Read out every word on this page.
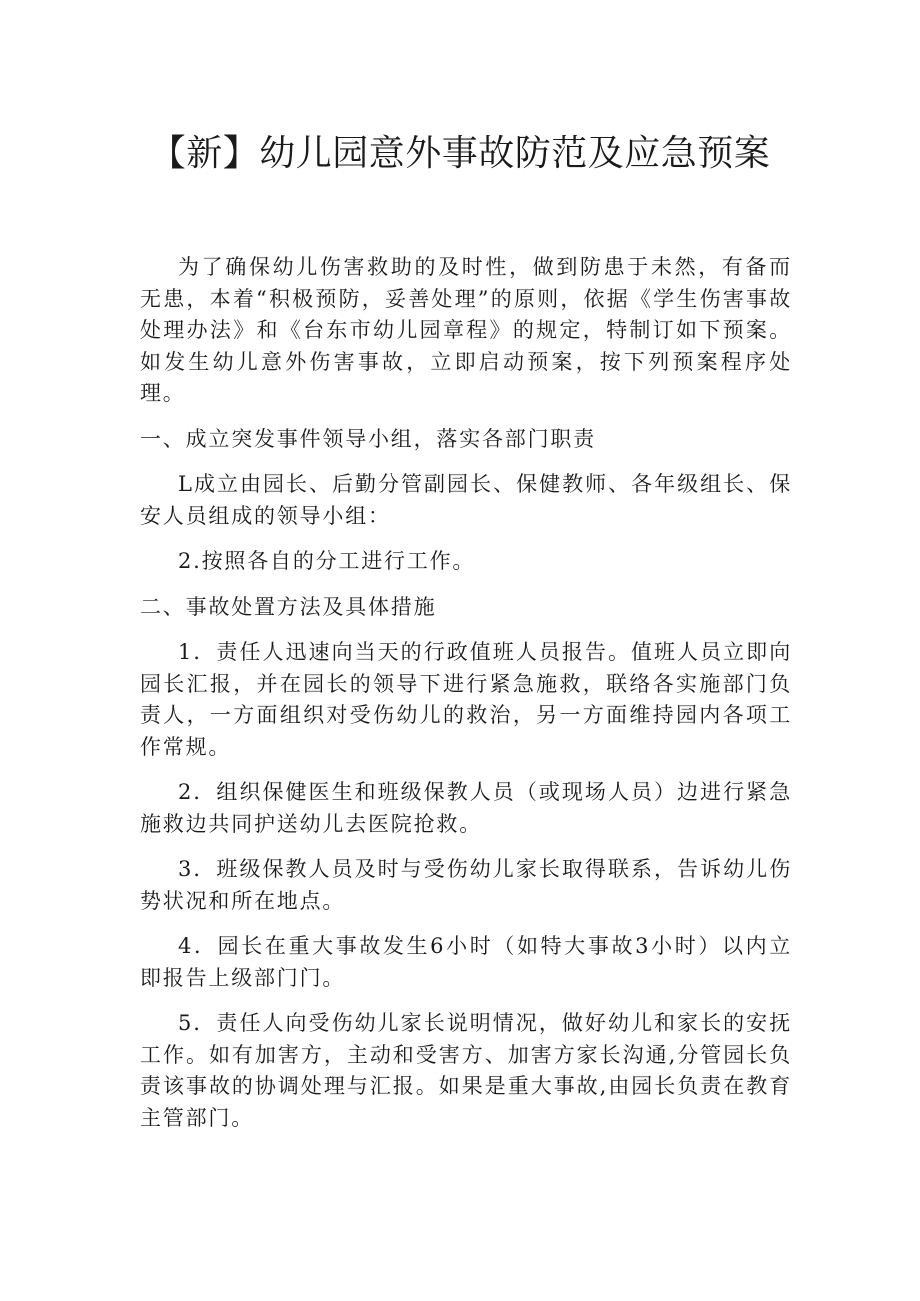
【新】幼儿园意外事故防范及应急预案

为了确保幼儿伤害救助的及时性，做到防患于未然，有备而无患，本着“积极预防，妥善处理”的原则，依据《学生伤害事故处理办法》和《台东市幼儿园章程》的规定，特制订如下预案。如发生幼儿意外伤害事故，立即启动预案，按下列预案程序处理。

一、成立突发事件领导小组，落实各部门职责

L成立由园长、后勤分管副园长、保健教师、各年级组长、保安人员组成的领导小组：

2.按照各自的分工进行工作。

二、事故处置方法及具体措施

1．责任人迅速向当天的行政值班人员报告。值班人员立即向园长汇报，并在园长的领导下进行紧急施救，联络各实施部门负责人，一方面组织对受伤幼儿的救治，另一方面维持园内各项工作常规。

2．组织保健医生和班级保教人员（或现场人员）边进行紧急施救边共同护送幼儿去医院抢救。

3．班级保教人员及时与受伤幼儿家长取得联系，告诉幼儿伤势状况和所在地点。

4．园长在重大事故发生6小时（如特大事故3小时）以内立即报告上级部门门。

5．责任人向受伤幼儿家长说明情况，做好幼儿和家长的安抚工作。如有加害方，主动和受害方、加害方家长沟通,分管园长负责该事故的协调处理与汇报。如果是重大事故,由园长负责在教育主管部门。
